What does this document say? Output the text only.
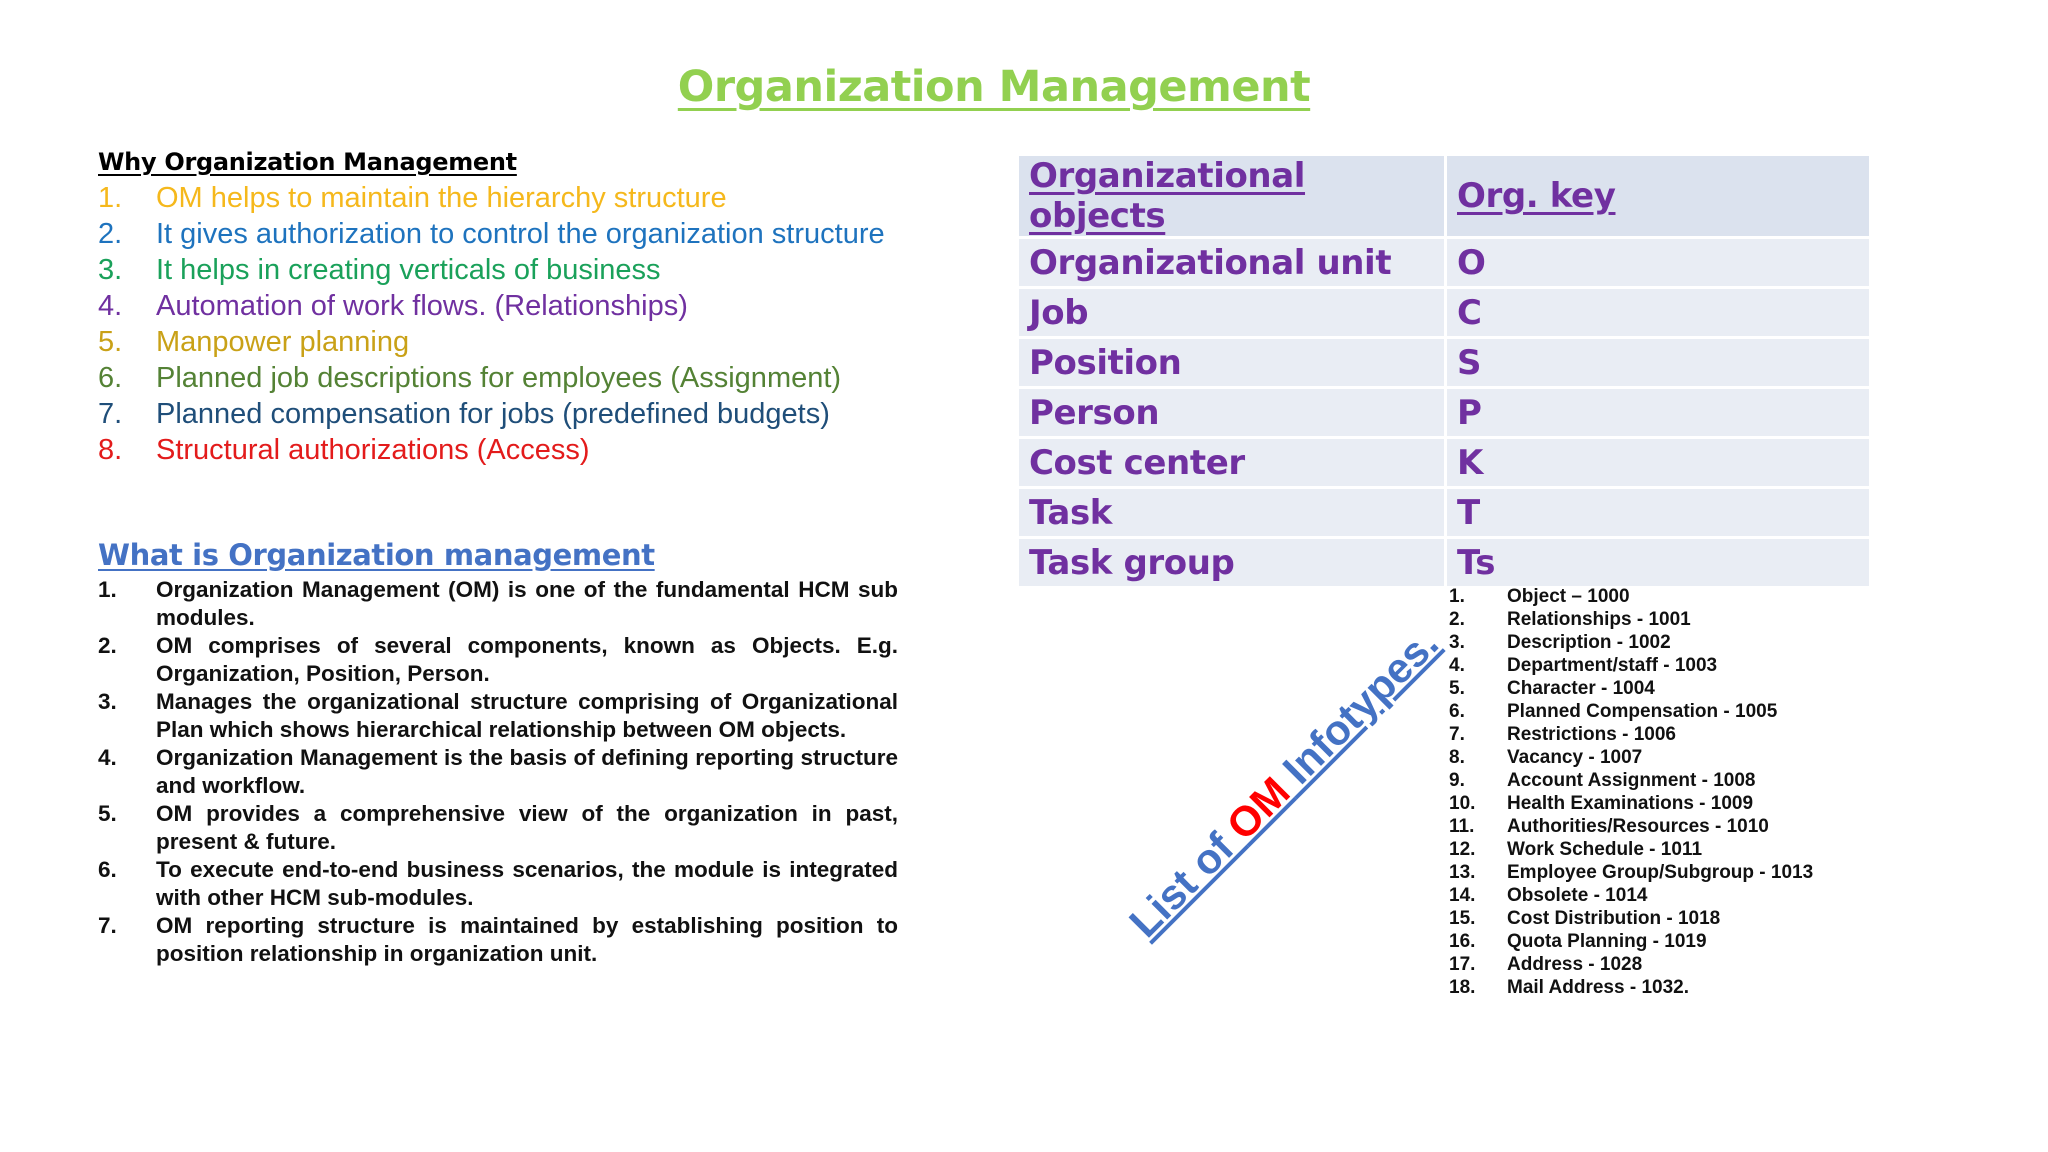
Organization Management
Why Organization Management
1.	OM helps to maintain the hierarchy structure
2.	It gives authorization to control the organization structure
3.	It helps in creating verticals of business
4.	Automation of work flows. (Relationships)
5.	Manpower planning
6.	Planned job descriptions for employees (Assignment)
7.	Planned compensation for jobs (predefined budgets)
8.	Structural authorizations (Access)
What is Organization management
1.	Organization Management (OM) is one of the fundamental HCM sub modules.
2.	OM comprises of several components, known as Objects. E.g. Organization, Position, Person.
3.	Manages the organizational structure comprising of Organizational Plan which shows hierarchical relationship between OM objects.
4.	Organization Management is the basis of defining reporting structure and workflow.
5.	OM provides a comprehensive view of the organization in past, present & future.
6.	To execute end-to-end business scenarios, the module is integrated with other HCM sub-modules.
7.	OM reporting structure is maintained by establishing position to position relationship in organization unit.
Organizational objects	Org. key
Organizational unit	O
Job	C
Position	S
Person	P
Cost center	K
Task	T
Task group	Ts
List of OM Infotypes.
1.	Object – 1000
2.	Relationships - 1001
3.	Description - 1002
4.	Department/staff - 1003
5.	Character - 1004
6.	Planned Compensation - 1005
7.	Restrictions - 1006
8.	Vacancy - 1007
9.	Account Assignment - 1008
10.	Health Examinations - 1009
11.	Authorities/Resources - 1010
12.	Work Schedule - 1011
13.	Employee Group/Subgroup - 1013
14.	Obsolete - 1014
15.	Cost Distribution - 1018
16.	Quota Planning - 1019
17.	Address - 1028
18.	Mail Address - 1032.
